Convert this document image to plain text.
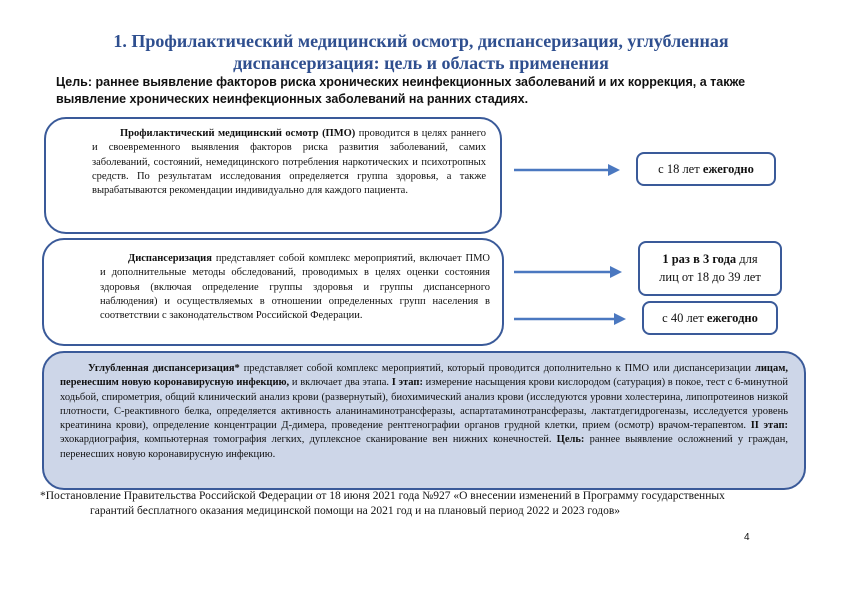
1. Профилактический медицинский осмотр, диспансеризация, углубленная
диспансеризация: цель и область применения
Цель: раннее выявление факторов риска хронических неинфекционных заболеваний и их коррекция, а также
выявление хронических неинфекционных заболеваний на ранних стадиях.

Профилактический медицинский осмотр (ПМО) проводится в целях раннего и своевременного выявления факторов риска развития заболеваний, самих заболеваний, состояний, немедицинского потребления наркотических и психотропных средств. По результатам исследования определяется группа здоровья, а также вырабатываются рекомендации индивидуально для каждого пациента.

Диспансеризация представляет собой комплекс мероприятий, включает ПМО и дополнительные методы обследований, проводимых в целях оценки состояния здоровья (включая определение группы здоровья и группы диспансерного наблюдения) и осуществляемых в отношении определенных групп населения в соответствии с законодательством Российской Федерации.

Углубленная диспансеризация* представляет собой комплекс мероприятий, который проводится дополнительно к ПМО или диспансеризации лицам, перенесшим новую коронавирусную инфекцию, и включает два этапа. I этап: измерение насыщения крови кислородом (сатурация) в покое, тест с 6-минутной ходьбой, спирометрия, общий клинический анализ крови (развернутый), биохимический анализ крови (исследуются уровни холестерина, липопротеинов низкой плотности, С-реактивного белка, определяется активность аланинаминотрансферазы, аспартатаминотрансферазы, лактатдегидрогеназы, исследуется уровень креатинина крови), определение концентрации Д-димера, проведение рентгенографии органов грудной клетки, прием (осмотр) врачом-терапевтом. II этап: эхокардиография, компьютерная томография легких, дуплексное сканирование вен нижних конечностей. Цель: раннее выявление осложнений у граждан, перенесших новую коронавирусную инфекцию.

с 18 лет ежегодно
1 раз в 3 года для
лиц от 18 до 39 лет
с 40 лет ежегодно
*Постановление Правительства Российской Федерации от 18 июня 2021 года №927 «О внесении изменений в Программу государственных
гарантий бесплатного оказания медицинской помощи на 2021 год и на плановый период 2022 и 2023 годов»
4
